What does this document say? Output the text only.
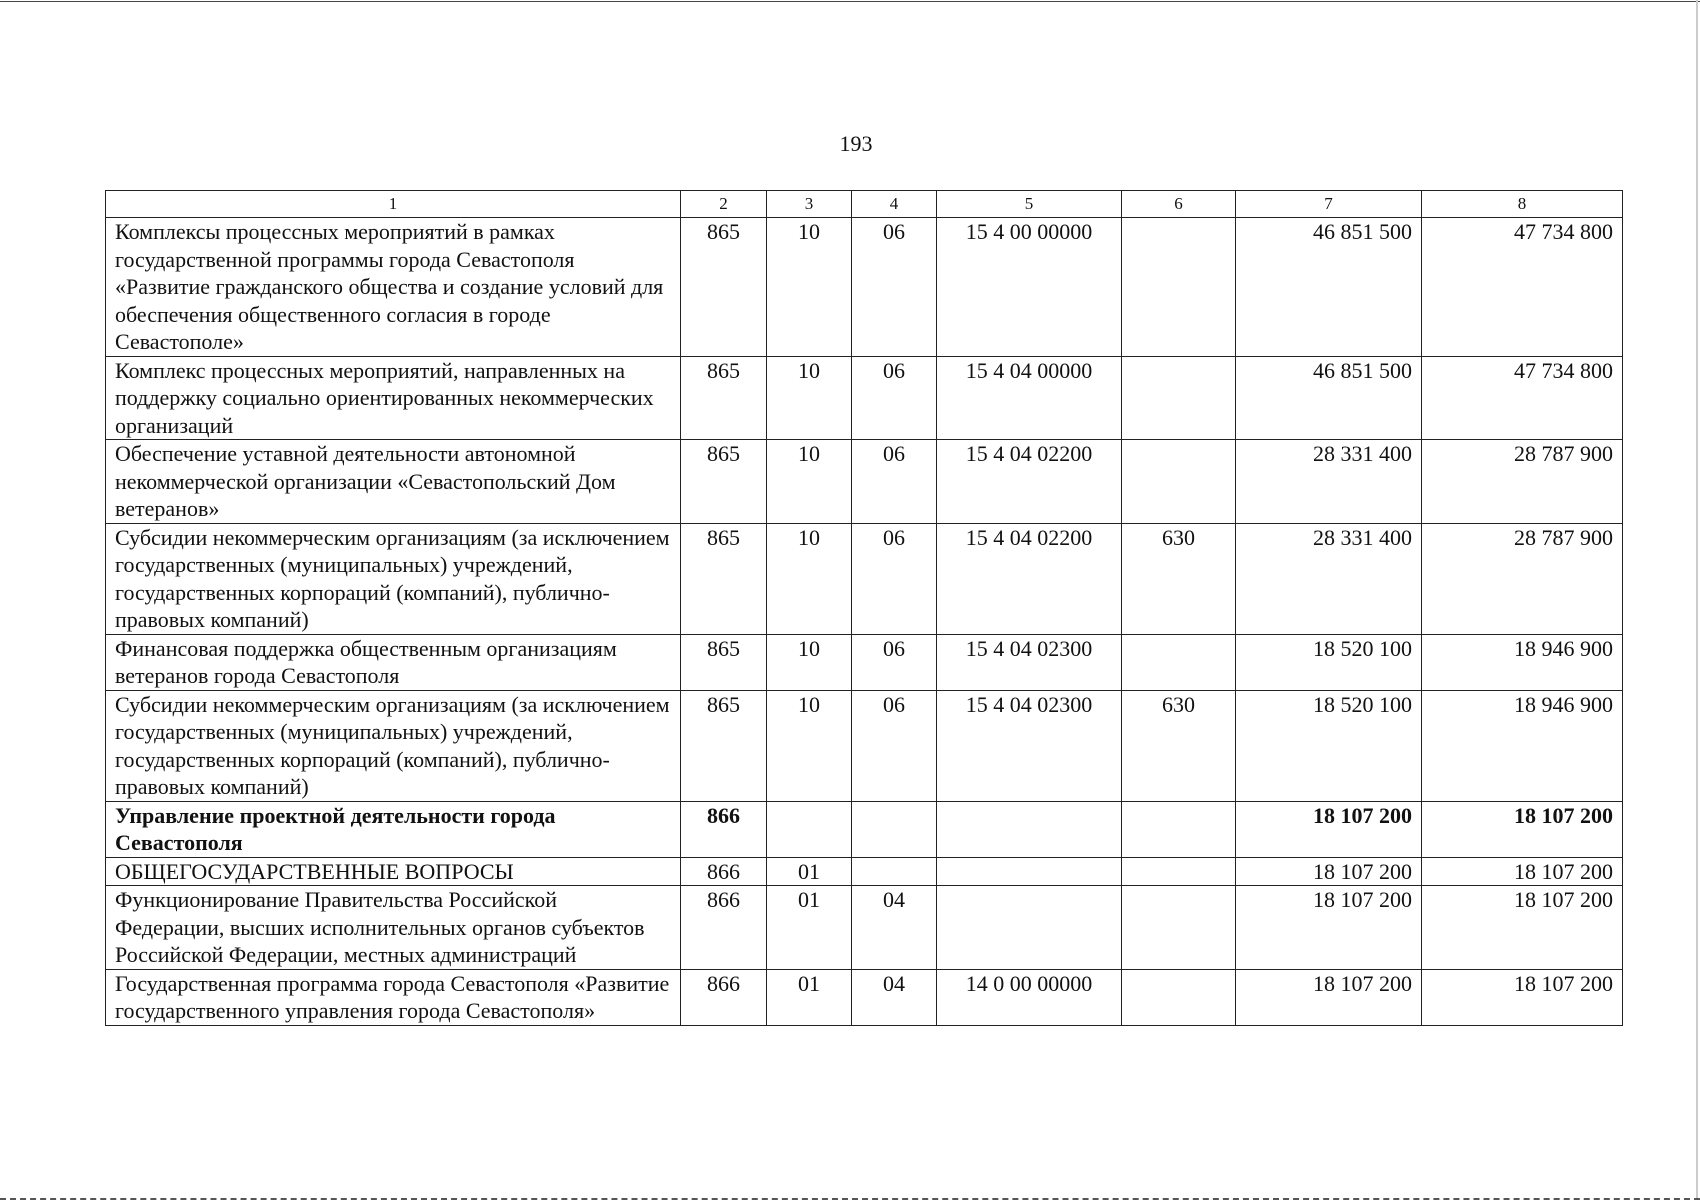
193
1	2	3	4	5	6	7	8
Комплексы процессных мероприятий в рамках государственной программы города Севастополя «Развитие гражданского общества и создание условий для обеспечения общественного согласия в городе Севастополе»	865	10	06	15 4 00 00000		46 851 500	47 734 800
Комплекс процессных мероприятий, направленных на поддержку социально ориентированных некоммерческих организаций	865	10	06	15 4 04 00000		46 851 500	47 734 800
Обеспечение уставной деятельности автономной некоммерческой организации «Севастопольский Дом ветеранов»	865	10	06	15 4 04 02200		28 331 400	28 787 900
Субсидии некоммерческим организациям (за исключением государственных (муниципальных) учреждений, государственных корпораций (компаний), публично-правовых компаний)	865	10	06	15 4 04 02200	630	28 331 400	28 787 900
Финансовая поддержка общественным организациям ветеранов города Севастополя	865	10	06	15 4 04 02300		18 520 100	18 946 900
Субсидии некоммерческим организациям (за исключением государственных (муниципальных) учреждений, государственных корпораций (компаний), публично-правовых компаний)	865	10	06	15 4 04 02300	630	18 520 100	18 946 900
Управление проектной деятельности города Севастополя	866					18 107 200	18 107 200
ОБЩЕГОСУДАРСТВЕННЫЕ ВОПРОСЫ	866	01				18 107 200	18 107 200
Функционирование Правительства Российской Федерации, высших исполнительных органов субъектов Российской Федерации, местных администраций	866	01	04			18 107 200	18 107 200
Государственная программа города Севастополя «Развитие государственного управления города Севастополя»	866	01	04	14 0 00 00000		18 107 200	18 107 200
